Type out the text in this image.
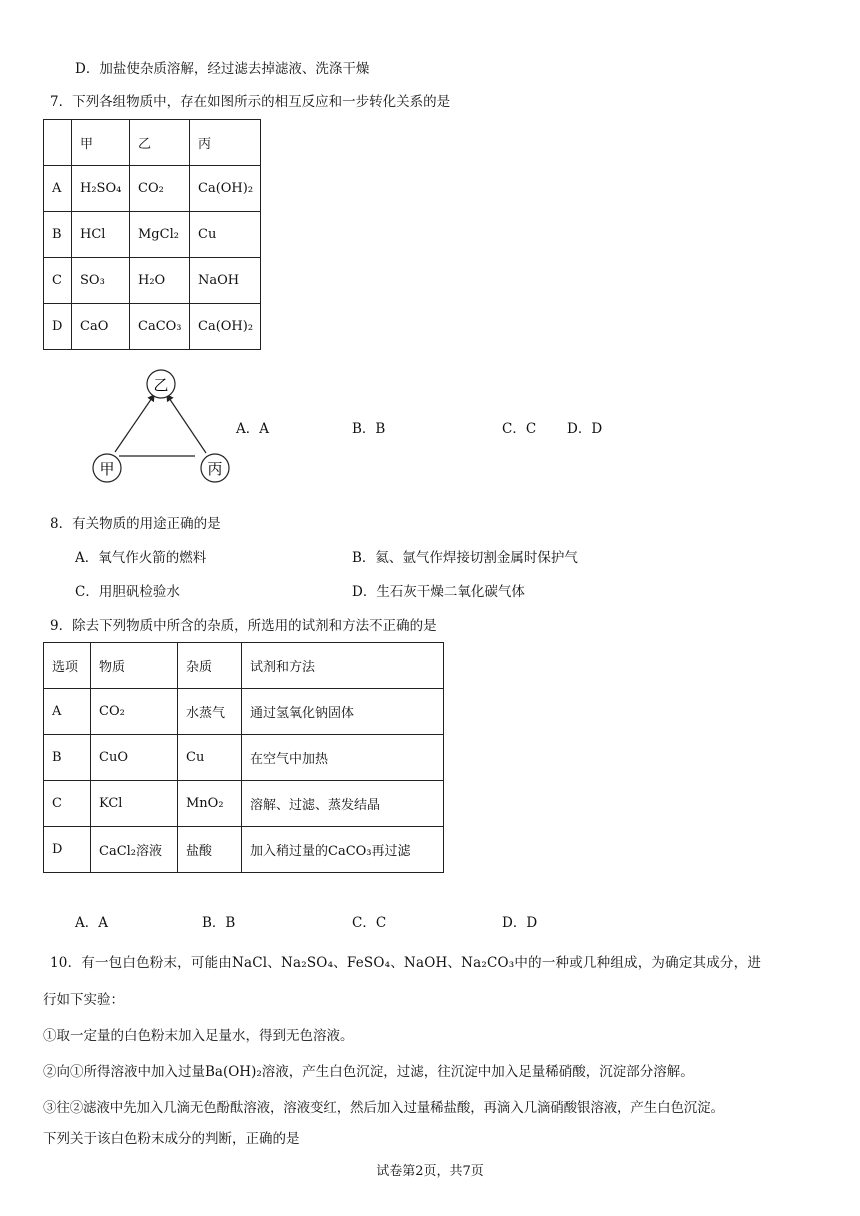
D．加盐使杂质溶解，经过滤去掉滤液、洗涤干燥
7．下列各组物质中，存在如图所示的相互反应和一步转化关系的是
	甲	乙	丙
A	H₂SO₄	CO₂	Ca(OH)₂
B	HCl	MgCl₂	Cu
C	SO₃	H₂O	NaOH
D	CaO	CaCO₃	Ca(OH)₂
乙
甲	丙
A．A	B．B	C．C D．D
8．有关物质的用途正确的是
A．氧气作火箭的燃料	B．氦、氩气作焊接切割金属时保护气
C．用胆矾检验水	D．生石灰干燥二氧化碳气体
9．除去下列物质中所含的杂质，所选用的试剂和方法不正确的是
选项	物质	杂质	试剂和方法
A	CO₂	水蒸气	通过氢氧化钠固体
B	CuO	Cu	在空气中加热
C	KCl	MnO₂	溶解、过滤、蒸发结晶
D	CaCl₂溶液	盐酸	加入稍过量的CaCO₃再过滤
A．A	B．B	C．C	D．D
10．有一包白色粉末，可能由NaCl、Na₂SO₄、FeSO₄、NaOH、Na₂CO₃中的一种或几种组成，为确定其成分，进
行如下实验：
①取一定量的白色粉末加入足量水，得到无色溶液。
②向①所得溶液中加入过量Ba(OH)₂溶液，产生白色沉淀，过滤，往沉淀中加入足量稀硝酸，沉淀部分溶解。
③往②滤液中先加入几滴无色酚酞溶液，溶液变红，然后加入过量稀盐酸，再滴入几滴硝酸银溶液，产生白色沉淀。
下列关于该白色粉末成分的判断，正确的是
试卷第2页，共7页
